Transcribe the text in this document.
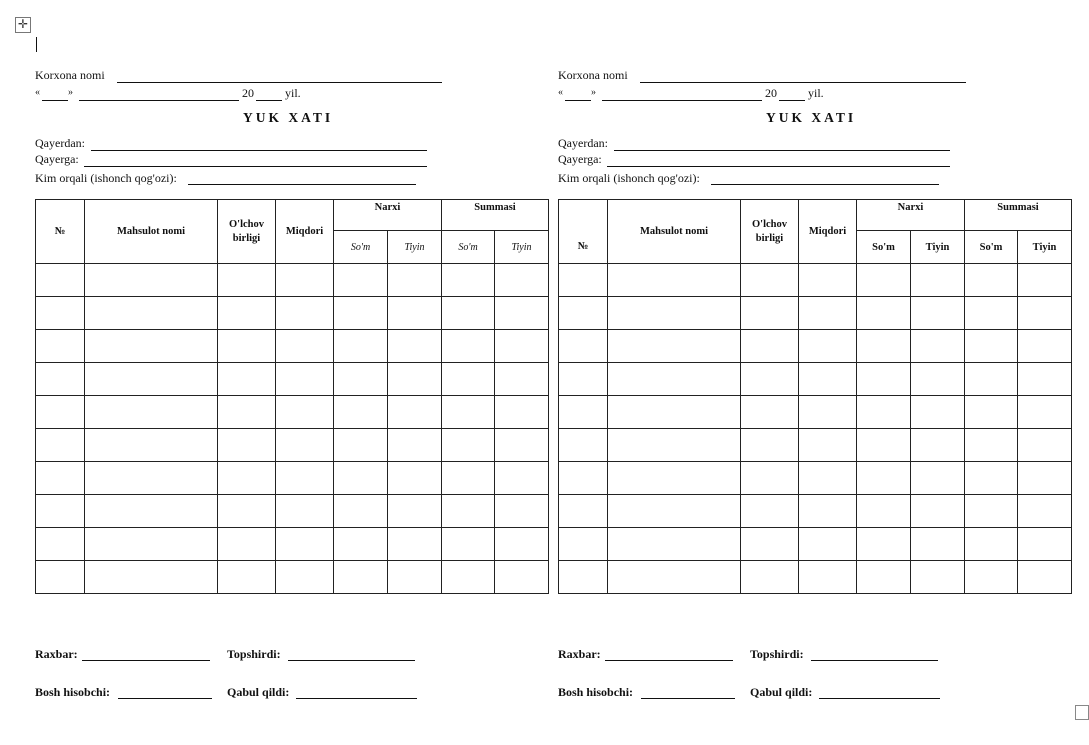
✛
Korxona nomi
«	»	20	yil.
YUK XATI
Qayerdan:
Qayerga:
Kim orqali (ishonch qog'ozi):
№	Mahsulot nomi	O'lchov birligi	Miqdori	Narxi		Summasi	
				So'm	Tiyin	So'm	Tiyin

Raxbar:	Topshirdi:
Bosh hisobchi:	Qabul qildi:
Korxona nomi
«	»	20	yil.
YUK XATI
Qayerdan:
Qayerga:
Kim orqali (ishonch qog'ozi):
№	Mahsulot nomi	O'lchov birligi	Miqdori	Narxi		Summasi	
				So'm	Tiyin	So'm	Tiyin

Raxbar:	Topshirdi:
Bosh hisobchi:	Qabul qildi:
